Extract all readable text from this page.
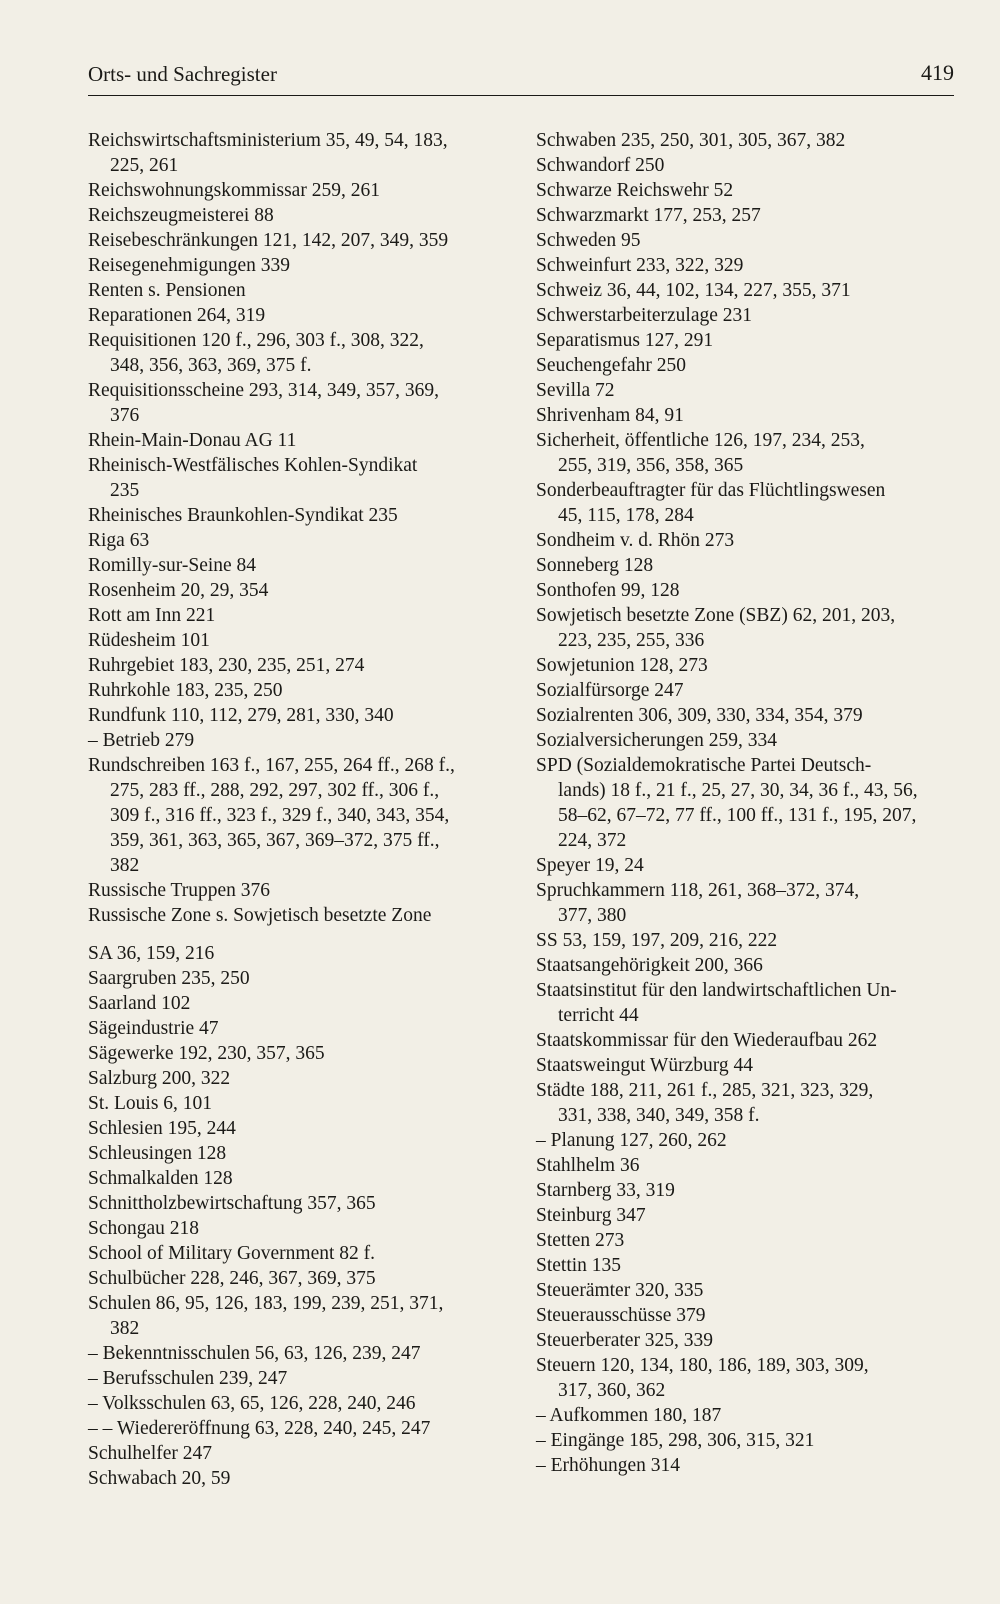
Orts- und Sachregister	419
Reichswirtschaftsministerium 35, 49, 54, 183,
225, 261
Reichswohnungskommissar 259, 261
Reichszeugmeisterei 88
Reisebeschränkungen 121, 142, 207, 349, 359
Reisegenehmigungen 339
Renten s. Pensionen
Reparationen 264, 319
Requisitionen 120 f., 296, 303 f., 308, 322,
348, 356, 363, 369, 375 f.
Requisitionsscheine 293, 314, 349, 357, 369,
376
Rhein-Main-Donau AG 11
Rheinisch-Westfälisches Kohlen-Syndikat
235
Rheinisches Braunkohlen-Syndikat 235
Riga 63
Romilly-sur-Seine 84
Rosenheim 20, 29, 354
Rott am Inn 221
Rüdesheim 101
Ruhrgebiet 183, 230, 235, 251, 274
Ruhrkohle 183, 235, 250
Rundfunk 110, 112, 279, 281, 330, 340
– Betrieb 279
Rundschreiben 163 f., 167, 255, 264 ff., 268 f.,
275, 283 ff., 288, 292, 297, 302 ff., 306 f.,
309 f., 316 ff., 323 f., 329 f., 340, 343, 354,
359, 361, 363, 365, 367, 369–372, 375 ff.,
382
Russische Truppen 376
Russische Zone s. Sowjetisch besetzte Zone
SA 36, 159, 216
Saargruben 235, 250
Saarland 102
Sägeindustrie 47
Sägewerke 192, 230, 357, 365
Salzburg 200, 322
St. Louis 6, 101
Schlesien 195, 244
Schleusingen 128
Schmalkalden 128
Schnittholzbewirtschaftung 357, 365
Schongau 218
School of Military Government 82 f.
Schulbücher 228, 246, 367, 369, 375
Schulen 86, 95, 126, 183, 199, 239, 251, 371,
382
– Bekenntnisschulen 56, 63, 126, 239, 247
– Berufsschulen 239, 247
– Volksschulen 63, 65, 126, 228, 240, 246
– – Wiedereröffnung 63, 228, 240, 245, 247
Schulhelfer 247
Schwabach 20, 59
Schwaben 235, 250, 301, 305, 367, 382
Schwandorf 250
Schwarze Reichswehr 52
Schwarzmarkt 177, 253, 257
Schweden 95
Schweinfurt 233, 322, 329
Schweiz 36, 44, 102, 134, 227, 355, 371
Schwerstarbeiterzulage 231
Separatismus 127, 291
Seuchengefahr 250
Sevilla 72
Shrivenham 84, 91
Sicherheit, öffentliche 126, 197, 234, 253,
255, 319, 356, 358, 365
Sonderbeauftragter für das Flüchtlingswesen
45, 115, 178, 284
Sondheim v. d. Rhön 273
Sonneberg 128
Sonthofen 99, 128
Sowjetisch besetzte Zone (SBZ) 62, 201, 203,
223, 235, 255, 336
Sowjetunion 128, 273
Sozialfürsorge 247
Sozialrenten 306, 309, 330, 334, 354, 379
Sozialversicherungen 259, 334
SPD (Sozialdemokratische Partei Deutsch-
lands) 18 f., 21 f., 25, 27, 30, 34, 36 f., 43, 56,
58–62, 67–72, 77 ff., 100 ff., 131 f., 195, 207,
224, 372
Speyer 19, 24
Spruchkammern 118, 261, 368–372, 374,
377, 380
SS 53, 159, 197, 209, 216, 222
Staatsangehörigkeit 200, 366
Staatsinstitut für den landwirtschaftlichen Un-
terricht 44
Staatskommissar für den Wiederaufbau 262
Staatsweingut Würzburg 44
Städte 188, 211, 261 f., 285, 321, 323, 329,
331, 338, 340, 349, 358 f.
– Planung 127, 260, 262
Stahlhelm 36
Starnberg 33, 319
Steinburg 347
Stetten 273
Stettin 135
Steuerämter 320, 335
Steuerausschüsse 379
Steuerberater 325, 339
Steuern 120, 134, 180, 186, 189, 303, 309,
317, 360, 362
– Aufkommen 180, 187
– Eingänge 185, 298, 306, 315, 321
– Erhöhungen 314
